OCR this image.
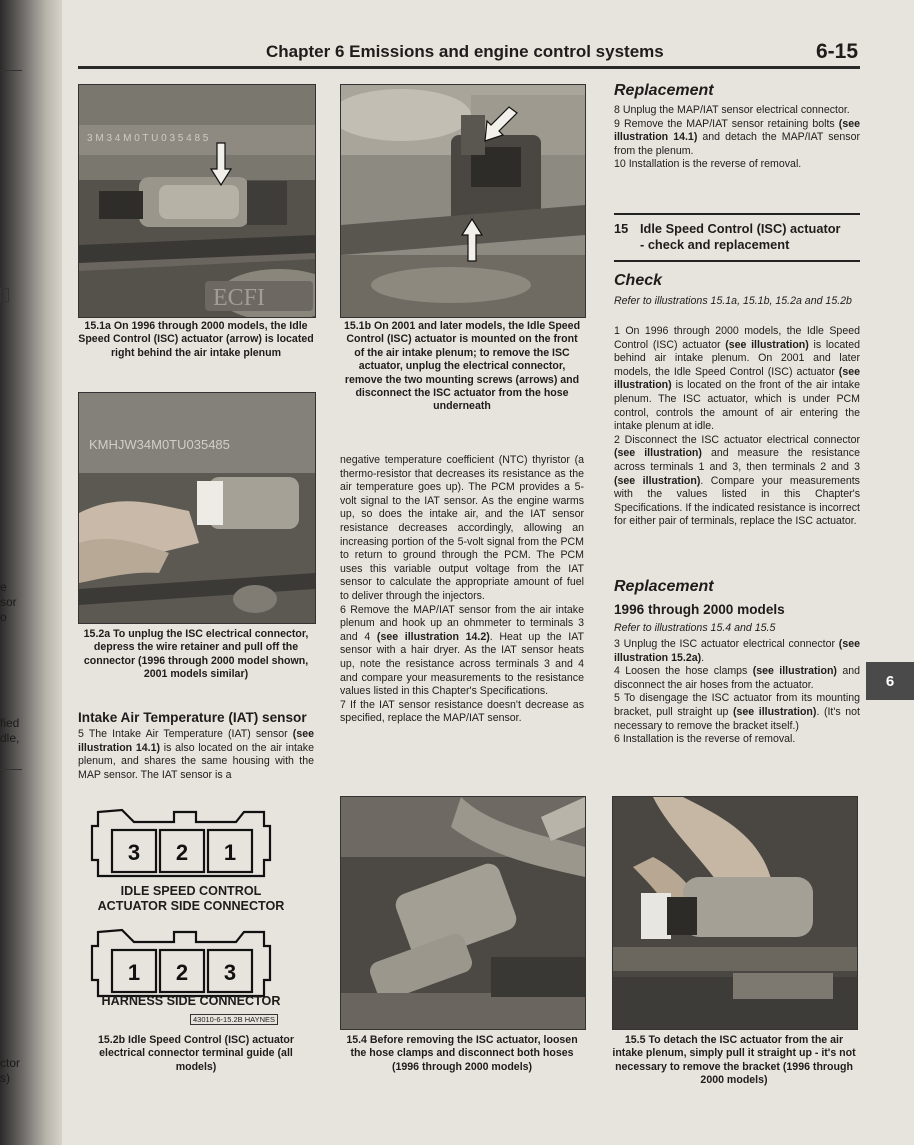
e
sor
o
fied
dle,
ctor
s)
Chapter 6 Emissions and engine control systems	6-15
3 M 3 4 M 0 T U 0 3 5 4 8 5
ECFI
15.1a On 1996 through 2000 models, the Idle Speed Control (ISC) actuator (arrow) is located right behind the air intake plenum
15.1b On 2001 and later models, the Idle Speed Control (ISC) actuator is mounted on the front of the air intake plenum; to remove the ISC actuator, unplug the electrical connector, remove the two mounting screws (arrows) and disconnect the ISC actuator from the hose underneath
KMHJW34M0TU035485
15.2a To unplug the ISC electrical connector, depress the wire retainer and pull off the connector (1996 through 2000 model shown, 2001 models similar)
Intake Air Temperature (IAT) sensor

5 The Intake Air Temperature (IAT) sensor (see illustration 14.1) is also located on the air intake plenum, and shares the same housing with the MAP sensor. The IAT sensor is a

3 2 1
1 2 3
IDLE SPEED CONTROL
ACTUATOR SIDE CONNECTOR
HARNESS SIDE CONNECTOR
43010-6-15.2B HAYNES
15.2b Idle Speed Control (ISC) actuator electrical connector terminal guide (all models)

negative temperature coefficient (NTC) thyristor (a thermo-resistor that decreases its resistance as the air temperature goes up). The PCM provides a 5-volt signal to the IAT sensor. As the engine warms up, so does the intake air, and the IAT sensor resistance decreases accordingly, allowing an increasing portion of the 5-volt signal from the PCM to return to ground through the PCM. The PCM uses this variable output voltage from the IAT sensor to calculate the appropriate amount of fuel to deliver through the injectors.

6 Remove the MAP/IAT sensor from the air intake plenum and hook up an ohmmeter to terminals 3 and 4 (see illustration 14.2). Heat up the IAT sensor with a hair dryer. As the IAT sensor heats up, note the resistance across terminals 3 and 4 and compare your measurements to the resistance values listed in this Chapter's Specifications.

7 If the IAT sensor resistance doesn't decrease as specified, replace the MAP/IAT sensor.

15.4 Before removing the ISC actuator, loosen the hose clamps and disconnect both hoses (1996 through 2000 models)
Replacement

8 Unplug the MAP/IAT sensor electrical connector.

9 Remove the MAP/IAT sensor retaining bolts (see illustration 14.1) and detach the MAP/IAT sensor from the plenum.

10 Installation is the reverse of removal.

15 Idle Speed Control (ISC) actuator
- check and replacement
Check
Refer to illustrations 15.1a, 15.1b, 15.2a and 15.2b

1 On 1996 through 2000 models, the Idle Speed Control (ISC) actuator (see illustration) is located behind air intake plenum. On 2001 and later models, the Idle Speed Control (ISC) actuator (see illustration) is located on the front of the air intake plenum. The ISC actuator, which is under PCM control, controls the amount of air entering the intake plenum at idle.

2 Disconnect the ISC actuator electrical connector (see illustration) and measure the resistance across terminals 1 and 3, then terminals 2 and 3 (see illustration). Compare your measurements with the values listed in this Chapter's Specifications. If the indicated resistance is incorrect for either pair of terminals, replace the ISC actuator.

Replacement
1996 through 2000 models
Refer to illustrations 15.4 and 15.5

3 Unplug the ISC actuator electrical connector (see illustration 15.2a).

4 Loosen the hose clamps (see illustration) and disconnect the air hoses from the actuator.

5 To disengage the ISC actuator from its mounting bracket, pull straight up (see illustration). (It's not necessary to remove the bracket itself.)

6 Installation is the reverse of removal.

15.5 To detach the ISC actuator from the air intake plenum, simply pull it straight up - it's not necessary to remove the bracket (1996 through 2000 models)
6
